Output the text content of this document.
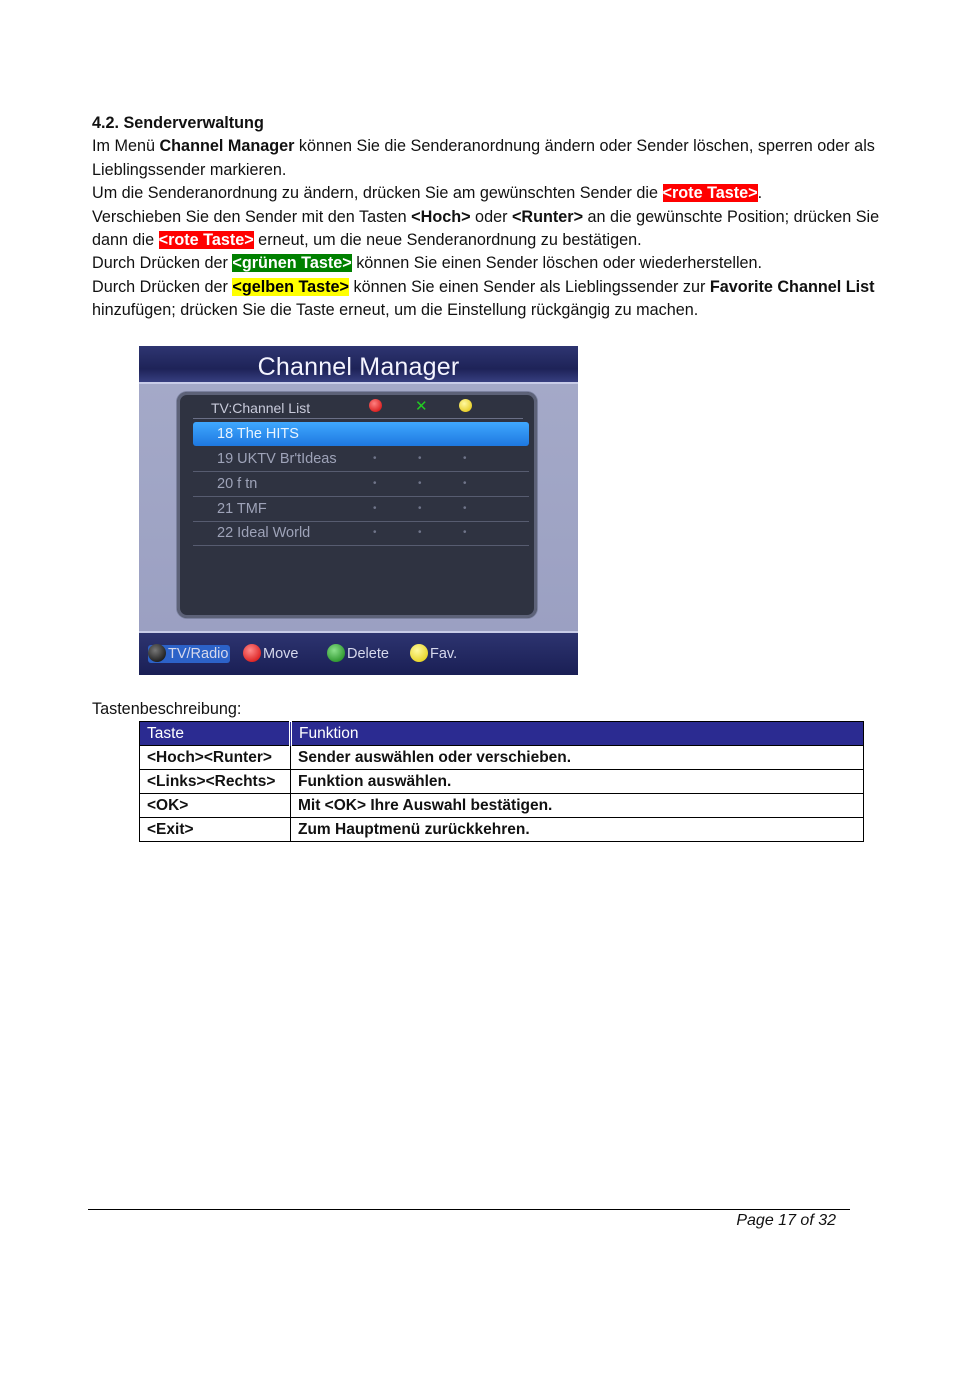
4.2. Senderverwaltung

Im Menü Channel Manager können Sie die Senderanordnung ändern oder Sender löschen, sperren oder als Lieblingssender markieren.

Um die Senderanordnung zu ändern, drücken Sie am gewünschten Sender die <rote Taste>.

Verschieben Sie den Sender mit den Tasten <Hoch> oder <Runter> an die gewünschte Position; drücken Sie dann die <rote Taste> erneut, um die neue Senderanordnung zu bestätigen.

Durch Drücken der <grünen Taste> können Sie einen Sender löschen oder wiederherstellen.

Durch Drücken der <gelben Taste> können Sie einen Sender als Lieblingssender zur Favorite Channel List hinzufügen; drücken Sie die Taste erneut, um die Einstellung rückgängig zu machen.

Channel Manager
TV:Channel List	✕
18 The HITS
19 UKTV Br'tIdeas	•	•	•
20 f tn	•	•	•
21 TMF	•	•	•
22 Ideal World	•	•	•
TV/Radio	Move	Delete	Fav.
Tastenbeschreibung:
Taste	Funktion
<Hoch><Runter>	Sender auswählen oder verschieben.
<Links><Rechts>	Funktion auswählen.
<OK>	Mit <OK> Ihre Auswahl bestätigen.
<Exit>	Zum Hauptmenü zurückkehren.
Page 17 of 32
